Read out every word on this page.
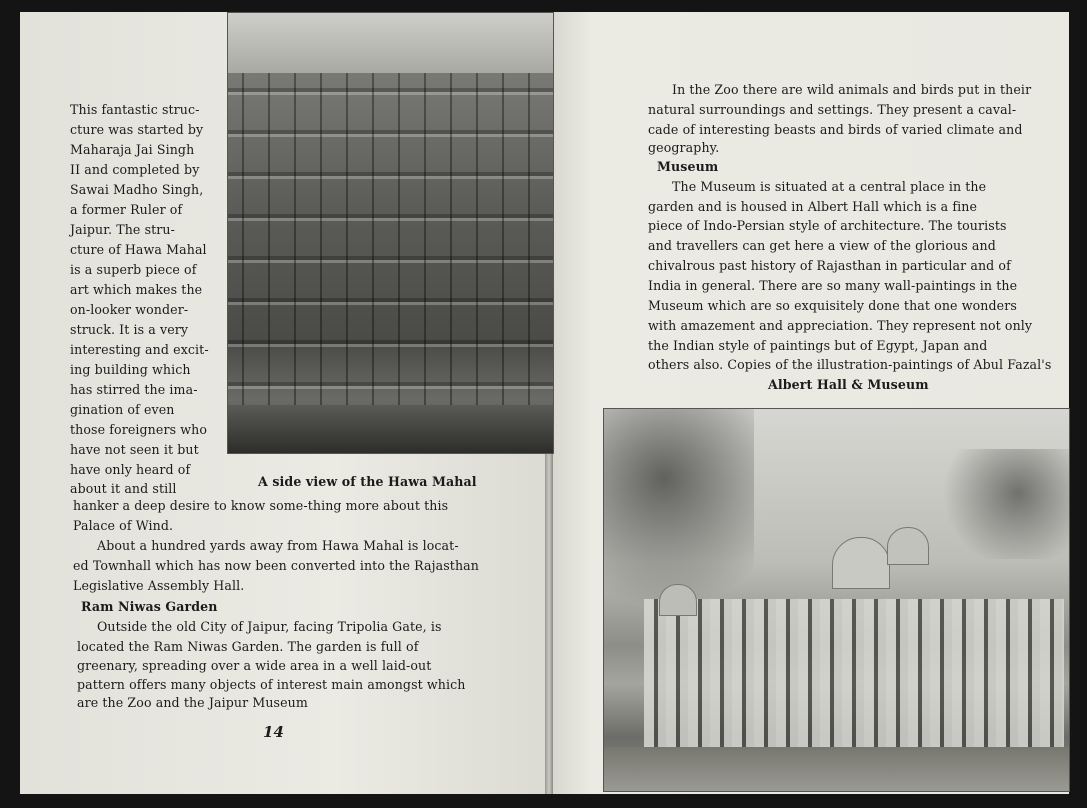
This fantastic struc-
cture was started by
Maharaja Jai Singh
II and completed by
Sawai Madho Singh,
a former Ruler of
Jaipur. The stru-
cture of Hawa Mahal
is a superb piece of
art which makes the
on-looker wonder-
struck. It is a very
interesting and excit-
ing building which
has stirred the ima-
gination of even
those foreigners who
have not seen it but
have only heard of
about it and still	A side view of the Hawa Mahal
hanker a deep desire to know some-thing more about this
Palace of Wind.
About a hundred yards away from Hawa Mahal is locat-
ed Townhall which has now been converted into the Rajasthan
Legislative Assembly Hall.
Ram Niwas Garden
Outside the old City of Jaipur, facing Tripolia Gate, is
located the Ram Niwas Garden. The garden is full of
greenary, spreading over a wide area in a well laid-out
pattern offers many objects of interest main amongst which
are the Zoo and the Jaipur Museum
14
In the Zoo there are wild animals and birds put in their
natural surroundings and settings. They present a caval-
cade of interesting beasts and birds of varied climate and
geography.
Museum
The Museum is situated at a central place in the
garden and is housed in Albert Hall which is a fine
piece of Indo-Persian style of architecture. The tourists
and travellers can get here a view of the glorious and
chivalrous past history of Rajasthan in particular and of
India in general. There are so many wall-paintings in the
Museum which are so exquisitely done that one wonders
with amazement and appreciation. They represent not only
the Indian style of paintings but of Egypt, Japan and
others also. Copies of the illustration-paintings of Abul Fazal's
Albert Hall & Museum
